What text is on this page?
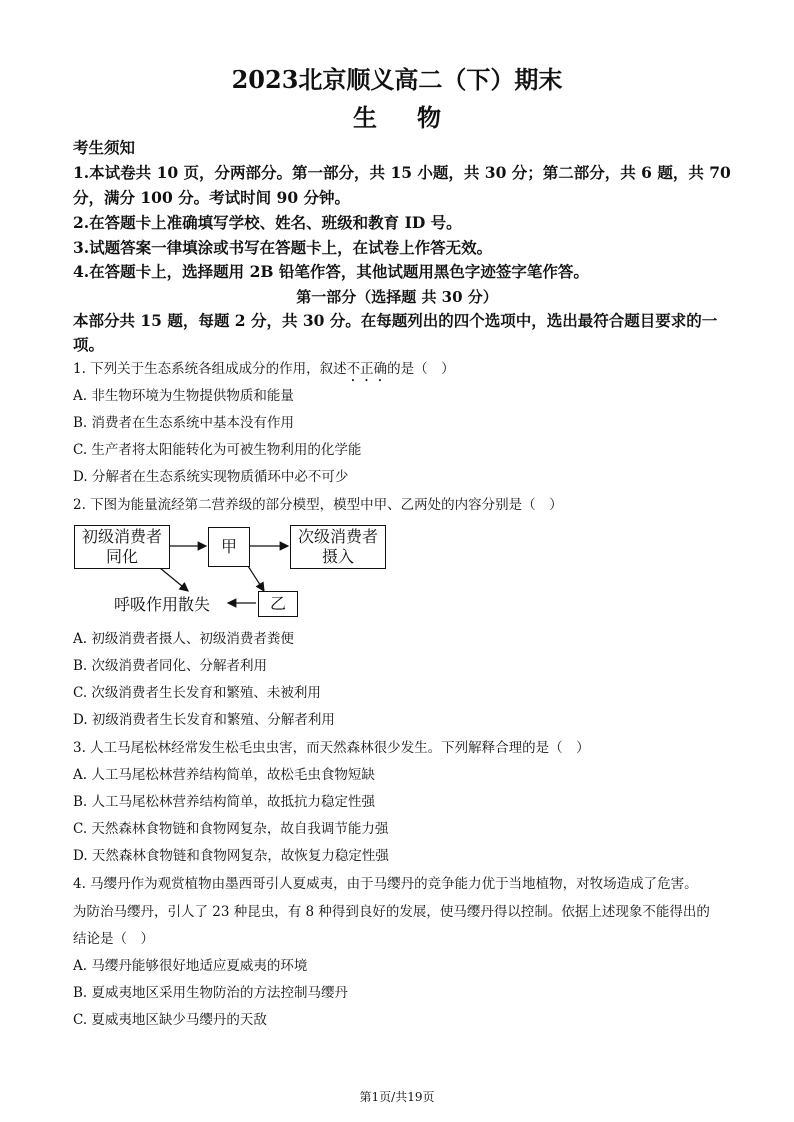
2023北京顺义高二（下）期末
生物
考生须知
1.本试卷共 10 页，分两部分。第一部分，共 15 小题，共 30 分；第二部分，共 6 题，共 70
分，满分 100 分。考试时间 90 分钟。
2.在答题卡上准确填写学校、姓名、班级和教育 ID 号。
3.试题答案一律填涂或书写在答题卡上，在试卷上作答无效。
4.在答题卡上，选择题用 2B 铅笔作答，其他试题用黑色字迹签字笔作答。
第一部分（选择题 共 30 分）
本部分共 15 题，每题 2 分，共 30 分。在每题列出的四个选项中，选出最符合题目要求的一
项。
1. 下列关于生态系统各组成成分的作用，叙述不正确的是（　）
A. 非生物环境为生物提供物质和能量
B. 消费者在生态系统中基本没有作用
C. 生产者将太阳能转化为可被生物利用的化学能
D. 分解者在生态系统实现物质循环中必不可少
2. 下图为能量流经第二营养级的部分模型，模型中甲、乙两处的内容分别是（　）
初级消费者
同化
甲
次级消费者
摄入
乙
呼吸作用散失
A. 初级消费者摄人、初级消费者粪便
B. 次级消费者同化、分解者利用
C. 次级消费者生长发育和繁殖、未被利用
D. 初级消费者生长发育和繁殖、分解者利用
3. 人工马尾松林经常发生松毛虫虫害，而天然森林很少发生。下列解释合理的是（　）
A. 人工马尾松林营养结构简单，故松毛虫食物短缺
B. 人工马尾松林营养结构简单，故抵抗力稳定性强
C. 天然森林食物链和食物网复杂，故自我调节能力强
D. 天然森林食物链和食物网复杂，故恢复力稳定性强
4. 马缨丹作为观赏植物由墨西哥引人夏威夷，由于马缨丹的竞争能力优于当地植物，对牧场造成了危害。
为防治马缨丹，引人了 23 种昆虫，有 8 种得到良好的发展，使马缨丹得以控制。依据上述现象不能得出的
结论是（　）
A. 马缨丹能够很好地适应夏威夷的环境
B. 夏威夷地区采用生物防治的方法控制马缨丹
C. 夏威夷地区缺少马缨丹的天敌
第1页/共19页
